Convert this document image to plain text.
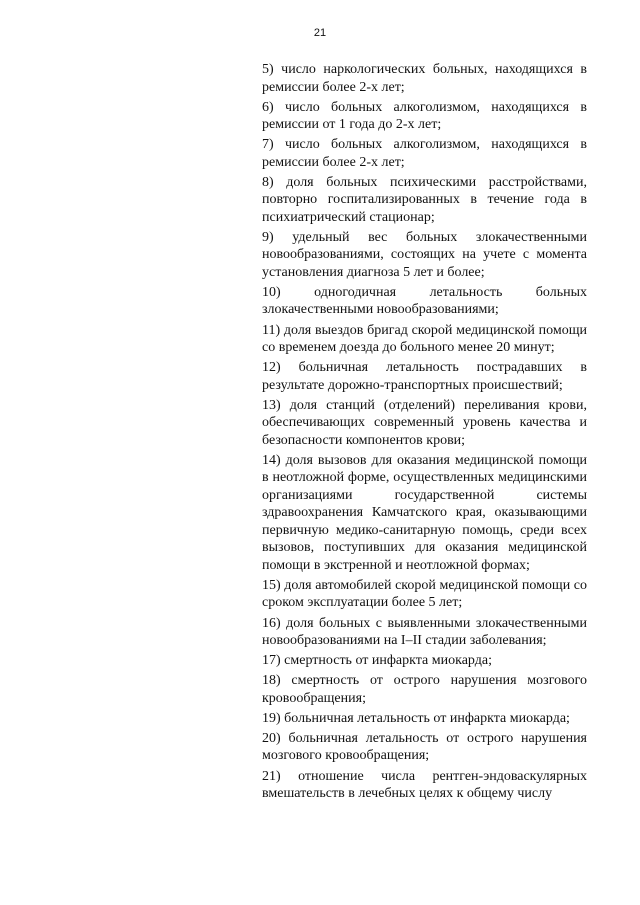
21

5) число наркологических больных, находящихся в ремиссии более 2-х лет;

6) число больных алкоголизмом, находящихся в ремиссии от 1 года до 2-х лет;

7) число больных алкоголизмом, находящихся в ремиссии более 2-х лет;

8) доля больных психическими расстройствами, повторно госпитализированных в течение года в психиатрический стационар;

9) удельный вес больных злокачественными новообразованиями, состоящих на учете с момента установления диагноза 5 лет и более;

10) одногодичная летальность больных злокачественными новообразованиями;

11) доля выездов бригад скорой медицинской помощи со временем доезда до больного менее 20 минут;

12) больничная летальность пострадавших в результате дорожно-транспортных происшествий;

13) доля станций (отделений) переливания крови, обеспечивающих современный уровень качества и безопасности компонентов крови;

14) доля вызовов для оказания медицинской помощи в неотложной форме, осуществленных медицинскими организациями государственной системы здравоохранения Камчатского края, оказывающими первичную медико-санитарную помощь, среди всех вызовов, поступивших для оказания медицинской помощи в экстренной и неотложной формах;

15) доля автомобилей скорой медицинской помощи со сроком эксплуатации более 5 лет;

16) доля больных с выявленными злокачественными новообразованиями на I–II стадии заболевания;

17) смертность от инфаркта миокарда;

18) смертность от острого нарушения мозгового кровообращения;

19) больничная летальность от инфаркта миокарда;

20) больничная летальность от острого нарушения мозгового кровообращения;

21) отношение числа рентген-эндоваскулярных вмешательств в лечебных целях к общему числу
